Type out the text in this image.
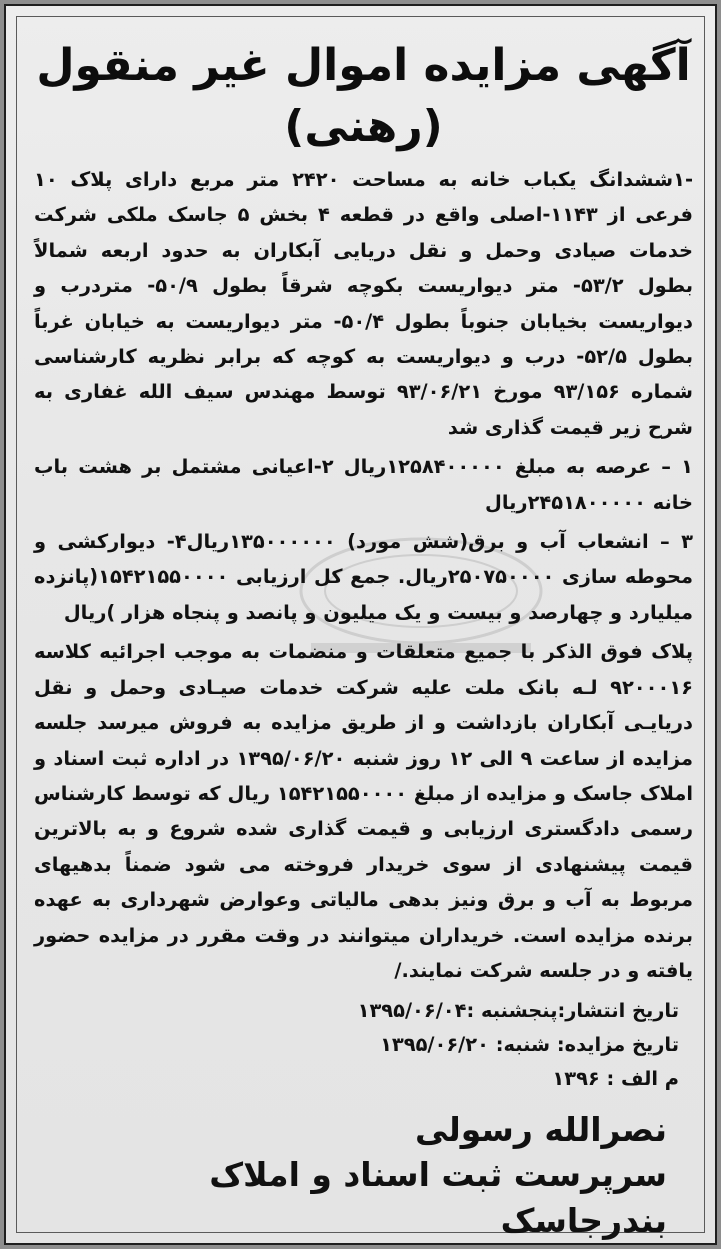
آگهی مزایده اموال غیر منقول
(رهنی)

-۱ششدانگ یکباب خانه به مساحت ۲۴۲۰ متر مربع دارای پلاک ۱۰ فرعی از ۱۱۴۳-اصلی واقع در قطعه ۴ بخش ۵ جاسک ملکی شرکت خدمات صیادی وحمل و نقل دریایی آبکاران به حدود اربعه شمالاً بطول ۵۳/۲- متر دیواریست بکوچه شرقاً بطول ۵۰/۹- متردرب و دیواریست بخیابان جنوباً بطول ۵۰/۴- متر دیواریست به خیابان غرباً بطول ۵۲/۵- درب و دیواریست به کوچه که برابر نظریه کارشناسی شماره ۹۳/۱۵۶ مورخ ۹۳/۰۶/۲۱ توسط مهندس سیف الله غفاری به شرح زیر قیمت گذاری شد

۱ – عرصه به مبلغ ۱۲۵۸۴۰۰۰۰۰ریال ۲-اعیانی مشتمل بر هشت باب خانه ۲۴۵۱۸۰۰۰۰۰ریال

۳ – انشعاب آب و برق(شش مورد) ۱۳۵۰۰۰۰۰۰ریال۴- دیوارکشی و محوطه سازی ۲۵۰۷۵۰۰۰۰ریال. جمع کل ارزیابی ۱۵۴۲۱۵۵۰۰۰۰(پانزده میلیارد و چهارصد و بیست و یک میلیون و پانصد و پنجاه هزار )ریال

پلاک فوق الذکر با جمیع متعلقات و منضمات به موجب اجرائیه کلاسه ۹۲۰۰۰۱۶ لـه بانک ملت علیه شرکت خدمات صیـادی وحمل و نقل دریایـی آبکاران بازداشت و از طریق مزایده به فروش میرسد جلسه مزایده از ساعت ۹ الی ۱۲ روز شنبه ۱۳۹۵/۰۶/۲۰ در اداره ثبت اسناد و املاک جاسک و مزایده از مبلغ ۱۵۴۲۱۵۵۰۰۰۰ ریال که توسط کارشناس رسمی دادگستری ارزیابی و قیمت گذاری شده شروع و به بالاترین قیمت پیشنهادی از سوی خریدار فروخته می شود ضمناً بدهیهای مربوط به آب و برق ونیز بدهی مالیاتی وعوارض شهرداری به عهده برنده مزایده است. خریداران میتوانند در وقت مقرر در مزایده حضور یافته و در جلسه شرکت نمایند./

تاریخ انتشار:پنجشنبه :۱۳۹۵/۰۶/۰۴
تاریخ مزایده: شنبه: ۱۳۹۵/۰۶/۲۰
م الف : ۱۳۹۶
نصرالله رسولی
سرپرست ثبت اسناد و املاک بندرجاسک
